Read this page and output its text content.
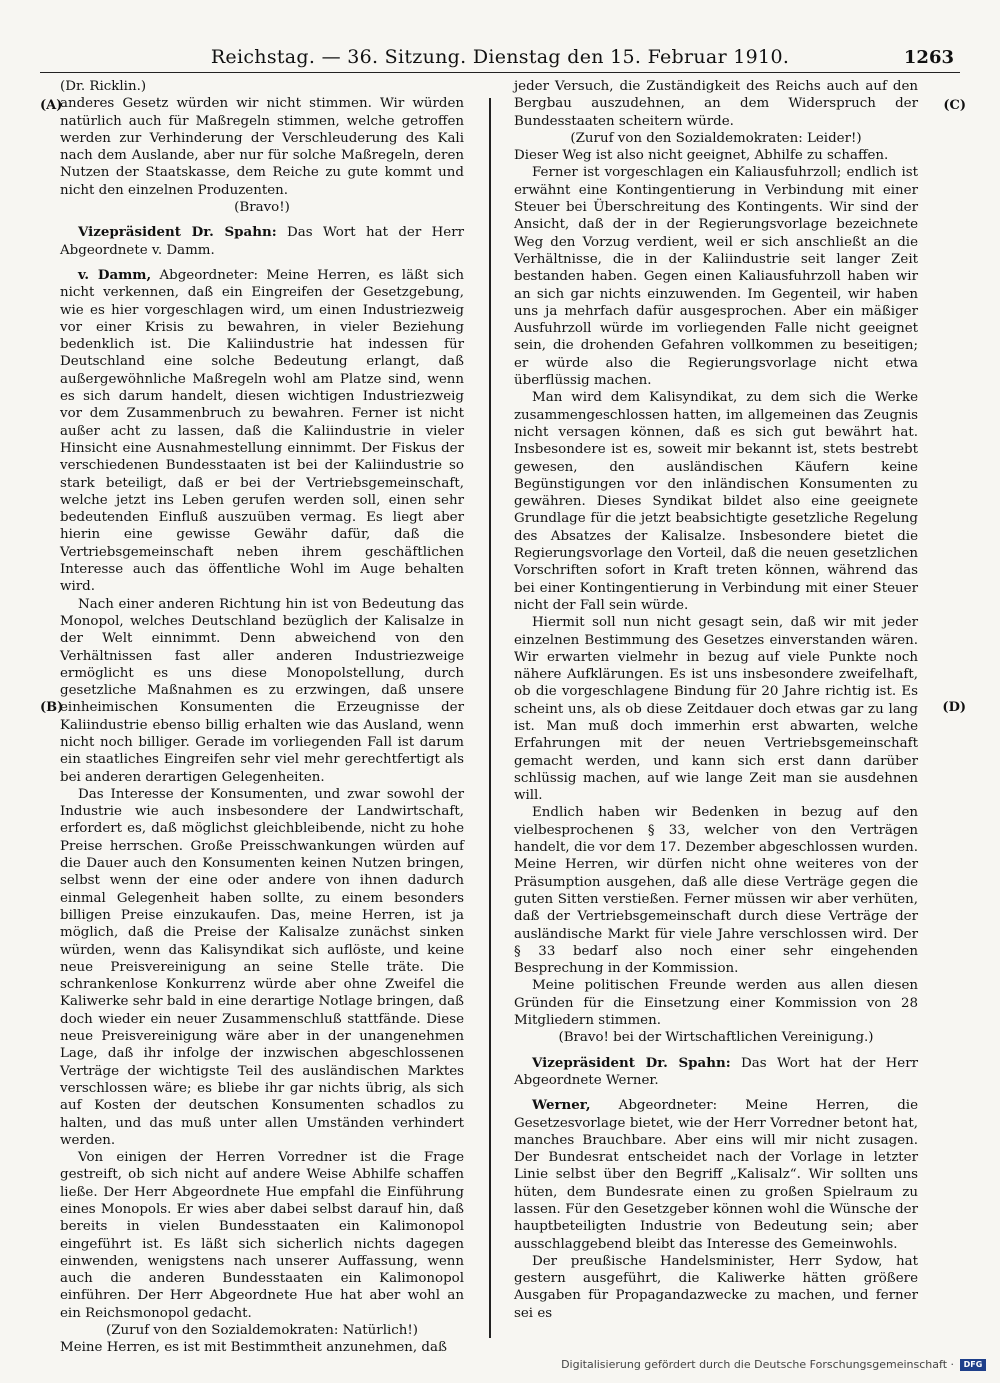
Reichstag. — 36. Sitzung. Dienstag den 15. Februar 1910.	1263
(A)
(B)
(C)
(D)

(Dr. Ricklin.)

anderes Gesetz würden wir nicht stimmen. Wir würden natürlich auch für Maßregeln stimmen, welche getroffen werden zur Verhinderung der Verschleuderung des Kali nach dem Auslande, aber nur für solche Maßregeln, deren Nutzen der Staatskasse, dem Reiche zu gute kommt und nicht den einzelnen Produzenten.

(Bravo!)

Vizepräsident Dr. Spahn: Das Wort hat der Herr Abgeordnete v. Damm.

v. Damm, Abgeordneter: Meine Herren, es läßt sich nicht verkennen, daß ein Eingreifen der Gesetzgebung, wie es hier vorgeschlagen wird, um einen Industriezweig vor einer Krisis zu bewahren, in vieler Beziehung bedenklich ist. Die Kaliindustrie hat indessen für Deutschland eine solche Bedeutung erlangt, daß außergewöhnliche Maßregeln wohl am Platze sind, wenn es sich darum handelt, diesen wichtigen Industriezweig vor dem Zusammenbruch zu bewahren. Ferner ist nicht außer acht zu lassen, daß die Kaliindustrie in vieler Hinsicht eine Ausnahmestellung einnimmt. Der Fiskus der verschiedenen Bundesstaaten ist bei der Kaliindustrie so stark beteiligt, daß er bei der Vertriebsgemeinschaft, welche jetzt ins Leben gerufen werden soll, einen sehr bedeutenden Einfluß auszuüben vermag. Es liegt aber hierin eine gewisse Gewähr dafür, daß die Vertriebsgemeinschaft neben ihrem geschäftlichen Interesse auch das öffentliche Wohl im Auge behalten wird.

Nach einer anderen Richtung hin ist von Bedeutung das Monopol, welches Deutschland bezüglich der Kalisalze in der Welt einnimmt. Denn abweichend von den Verhältnissen fast aller anderen Industriezweige ermöglicht es uns diese Monopolstellung, durch gesetzliche Maßnahmen es zu erzwingen, daß unsere einheimischen Konsumenten die Erzeugnisse der Kaliindustrie ebenso billig erhalten wie das Ausland, wenn nicht noch billiger. Gerade im vorliegenden Fall ist darum ein staatliches Eingreifen sehr viel mehr gerechtfertigt als bei anderen derartigen Gelegenheiten.

Das Interesse der Konsumenten, und zwar sowohl der Industrie wie auch insbesondere der Landwirtschaft, erfordert es, daß möglichst gleichbleibende, nicht zu hohe Preise herrschen. Große Preisschwankungen würden auf die Dauer auch den Konsumenten keinen Nutzen bringen, selbst wenn der eine oder andere von ihnen dadurch einmal Gelegenheit haben sollte, zu einem besonders billigen Preise einzukaufen. Das, meine Herren, ist ja möglich, daß die Preise der Kalisalze zunächst sinken würden, wenn das Kalisyndikat sich auflöste, und keine neue Preisvereinigung an seine Stelle träte. Die schrankenlose Konkurrenz würde aber ohne Zweifel die Kaliwerke sehr bald in eine derartige Notlage bringen, daß doch wieder ein neuer Zusammenschluß stattfände. Diese neue Preisvereinigung wäre aber in der unangenehmen Lage, daß ihr infolge der inzwischen abgeschlossenen Verträge der wichtigste Teil des ausländischen Marktes verschlossen wäre; es bliebe ihr gar nichts übrig, als sich auf Kosten der deutschen Konsumenten schadlos zu halten, und das muß unter allen Umständen verhindert werden.

Von einigen der Herren Vorredner ist die Frage gestreift, ob sich nicht auf andere Weise Abhilfe schaffen ließe. Der Herr Abgeordnete Hue empfahl die Einführung eines Monopols. Er wies aber dabei selbst darauf hin, daß bereits in vielen Bundesstaaten ein Kalimonopol eingeführt ist. Es läßt sich sicherlich nichts dagegen einwenden, wenigstens nach unserer Auffassung, wenn auch die anderen Bundesstaaten ein Kalimonopol einführen. Der Herr Abgeordnete Hue hat aber wohl an ein Reichsmonopol gedacht.

(Zuruf von den Sozialdemokraten: Natürlich!)

Meine Herren, es ist mit Bestimmtheit anzunehmen, daß

jeder Versuch, die Zuständigkeit des Reichs auch auf den Bergbau auszudehnen, an dem Widerspruch der Bundesstaaten scheitern würde.

(Zuruf von den Sozialdemokraten: Leider!)

Dieser Weg ist also nicht geeignet, Abhilfe zu schaffen.

Ferner ist vorgeschlagen ein Kaliausfuhrzoll; endlich ist erwähnt eine Kontingentierung in Verbindung mit einer Steuer bei Überschreitung des Kontingents. Wir sind der Ansicht, daß der in der Regierungsvorlage bezeichnete Weg den Vorzug verdient, weil er sich anschließt an die Verhältnisse, die in der Kaliindustrie seit langer Zeit bestanden haben. Gegen einen Kaliausfuhrzoll haben wir an sich gar nichts einzuwenden. Im Gegenteil, wir haben uns ja mehrfach dafür ausgesprochen. Aber ein mäßiger Ausfuhrzoll würde im vorliegenden Falle nicht geeignet sein, die drohenden Gefahren vollkommen zu beseitigen; er würde also die Regierungsvorlage nicht etwa überflüssig machen.

Man wird dem Kalisyndikat, zu dem sich die Werke zusammengeschlossen hatten, im allgemeinen das Zeugnis nicht versagen können, daß es sich gut bewährt hat. Insbesondere ist es, soweit mir bekannt ist, stets bestrebt gewesen, den ausländischen Käufern keine Begünstigungen vor den inländischen Konsumenten zu gewähren. Dieses Syndikat bildet also eine geeignete Grundlage für die jetzt beabsichtigte gesetzliche Regelung des Absatzes der Kalisalze. Insbesondere bietet die Regierungsvorlage den Vorteil, daß die neuen gesetzlichen Vorschriften sofort in Kraft treten können, während das bei einer Kontingentierung in Verbindung mit einer Steuer nicht der Fall sein würde.

Hiermit soll nun nicht gesagt sein, daß wir mit jeder einzelnen Bestimmung des Gesetzes einverstanden wären. Wir erwarten vielmehr in bezug auf viele Punkte noch nähere Aufklärungen. Es ist uns insbesondere zweifelhaft, ob die vorgeschlagene Bindung für 20 Jahre richtig ist. Es scheint uns, als ob diese Zeitdauer doch etwas gar zu lang ist. Man muß doch immerhin erst abwarten, welche Erfahrungen mit der neuen Vertriebsgemeinschaft gemacht werden, und kann sich erst dann darüber schlüssig machen, auf wie lange Zeit man sie ausdehnen will.

Endlich haben wir Bedenken in bezug auf den vielbesprochenen § 33, welcher von den Verträgen handelt, die vor dem 17. Dezember abgeschlossen wurden. Meine Herren, wir dürfen nicht ohne weiteres von der Präsumption ausgehen, daß alle diese Verträge gegen die guten Sitten verstießen. Ferner müssen wir aber verhüten, daß der Vertriebsgemeinschaft durch diese Verträge der ausländische Markt für viele Jahre verschlossen wird. Der § 33 bedarf also noch einer sehr eingehenden Besprechung in der Kommission.

Meine politischen Freunde werden aus allen diesen Gründen für die Einsetzung einer Kommission von 28 Mitgliedern stimmen.

(Bravo! bei der Wirtschaftlichen Vereinigung.)

Vizepräsident Dr. Spahn: Das Wort hat der Herr Abgeordnete Werner.

Werner, Abgeordneter: Meine Herren, die Gesetzesvorlage bietet, wie der Herr Vorredner betont hat, manches Brauchbare. Aber eins will mir nicht zusagen. Der Bundesrat entscheidet nach der Vorlage in letzter Linie selbst über den Begriff „Kalisalz“. Wir sollten uns hüten, dem Bundesrate einen zu großen Spielraum zu lassen. Für den Gesetzgeber können wohl die Wünsche der hauptbeteiligten Industrie von Bedeutung sein; aber ausschlaggebend bleibt das Interesse des Gemeinwohls.

Der preußische Handelsminister, Herr Sydow, hat gestern ausgeführt, die Kaliwerke hätten größere Ausgaben für Propagandazwecke zu machen, und ferner sei es

Digitalisierung gefördert durch die Deutsche Forschungsgemeinschaft ·	DFG
